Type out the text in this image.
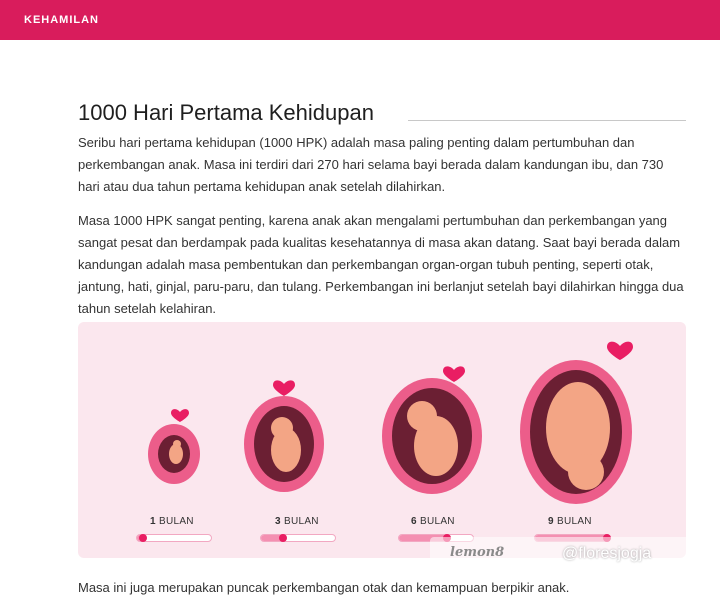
KEHAMILAN
1000 Hari Pertama Kehidupan

Seribu hari pertama kehidupan (1000 HPK) adalah masa paling penting dalam pertumbuhan dan perkembangan anak. Masa ini terdiri dari 270 hari selama bayi berada dalam kandungan ibu, dan 730 hari atau dua tahun pertama kehidupan anak setelah dilahirkan.

Masa 1000 HPK sangat penting, karena anak akan mengalami pertumbuhan dan perkembangan yang sangat pesat dan berdampak pada kualitas kesehatannya di masa akan datang. Saat bayi berada dalam kandungan adalah masa pembentukan dan perkembangan organ-organ tubuh penting, seperti otak, jantung, hati, ginjal, paru-paru, dan tulang. Perkembangan ini berlanjut setelah bayi dilahirkan hingga dua tahun setelah kelahiran.

1 BULAN	3 BULAN	6 BULAN	9 BULAN

Masa ini juga merupakan puncak perkembangan otak dan kemampuan berpikir anak.

lemon8	@floresjogja
